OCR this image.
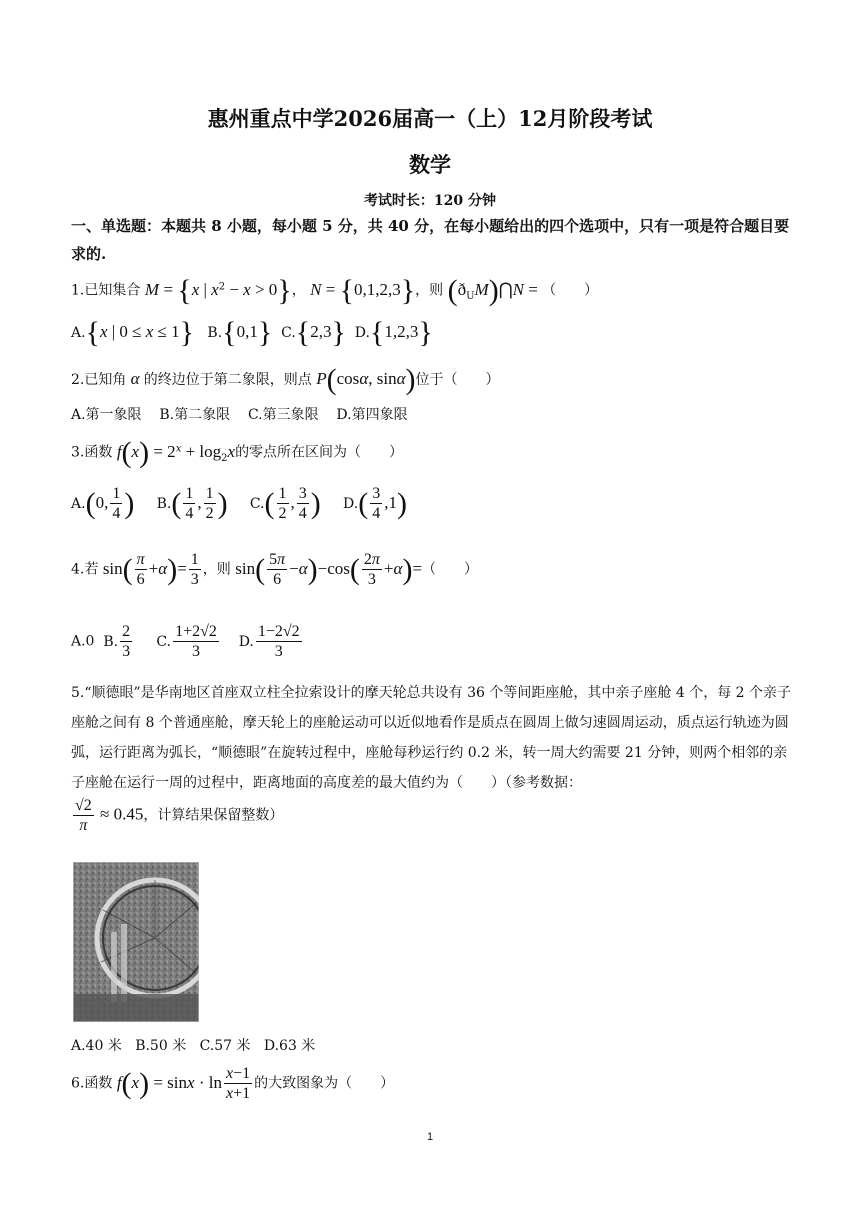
惠州重点中学2026届高一（上）12月阶段考试
数学
考试时长：120 分钟
一、单选题：本题共 8 小题，每小题 5 分，共 40 分，在每小题给出的四个选项中，只有一项是符合题目要求的.
1.已知集合 M = {x | $x^2 - x > 0$}， N = {0,1,2,3}，则 $(ð_UM)⋂N$ = （　　）
A.{x | 0 ≤ x ≤ 1} B.{0,1} C.{2,3} D.{1,2,3}
2.已知角 α 的终边位于第二象限，则点 P(cosα, sinα)位于（　　）
A.第一象限 B.第二象限 C.第三象限 D.第四象限
3.函数 $f(x) = 2^x + \log_2x$的零点所在区间为（　　）
A.(0, $\frac{1}{4}$ ) $B.( \frac{1}{4}$ , $\frac{1}{2}$ ) $C.( \frac{1}{2}$ , $\frac{3}{4}$ ) $D.( \frac{3}{4} ,1)$
4.若 $\sin( \frac{\pi}{6} +\alpha)= \frac{1}{3}$ ，则 $\sin( \frac{5\pi}{6} -\alpha)-\cos( \frac{2\pi}{3} +\alpha)=$（　　）
A.0 B. $\frac{2}{3} C$. $\frac{1+2√2}{3} D$. $\frac{1-2√2}{3}$
5.“顺德眼”是华南地区首座双立柱全拉索设计的摩天轮总共设有 36 个等间距座舱，其中亲子座舱 4 个，每 2 个亲子座舱之间有 8 个普通座舱，摩天轮上的座舱运动可以近似地看作是质点在圆周上做匀速圆周运动，质点运行轨迹为圆弧，运行距离为弧长，“顺德眼”在旋转过程中，座舱每秒运行约 0.2 米，转一周大约需要 21 分钟，则两个相邻的亲子座舱在运行一周的过程中，距离地面的高度差的最大值约为（　　）（参考数据：
$\frac{√2}{\pi} \approx 0.45$，计算结果保留整数）
A.40 米 B.50 米 C.57 米 D.63 米
6.函数 $f(x) = \sin x \cdot \ln \frac{x-1}{x+1}$ 的大致图象为（　　）
1
